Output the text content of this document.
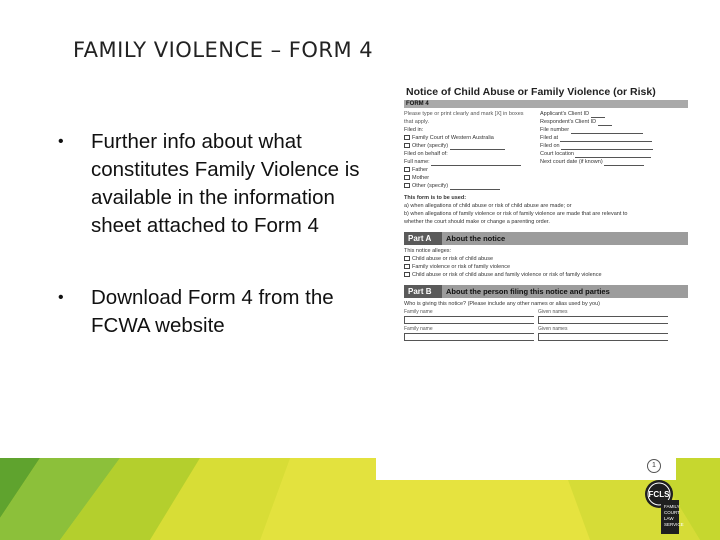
FAMILY VIOLENCE – FORM 4
•	Further info about what constitutes Family Violence is available in the information sheet attached to Form 4
•	Download Form 4 from the FCWA website
Notice of Child Abuse or Family Violence (or Risk)
FORM 4
Please type or print clearly and mark [X] in boxes
that apply.
Filed in:
Family Court of Western Australia
Other (specify)
Filed on behalf of:
Full name:
Father
Mother
Other (specify)
Applicant's Client ID
Respondent's Client ID
File number
Filed at
Filed on
Court location
Next court date (if known)
This form is to be used:
a) when allegations of child abuse or risk of child abuse are made; or
b) when allegations of family violence or risk of family violence are made that are relevant to
whether the court should make or change a parenting order.
Part A	About the notice
This notice alleges:
Child abuse or risk of child abuse
Family violence or risk of family violence
Child abuse or risk of child abuse and family violence or risk of family violence
Part B	About the person filing this notice and parties
Who is giving this notice? (Please include any other names or alias used by you)
Family name	Given names
Family name	Given names
1
FCLS
FAMILY
COURT
LAW
SERVICE
